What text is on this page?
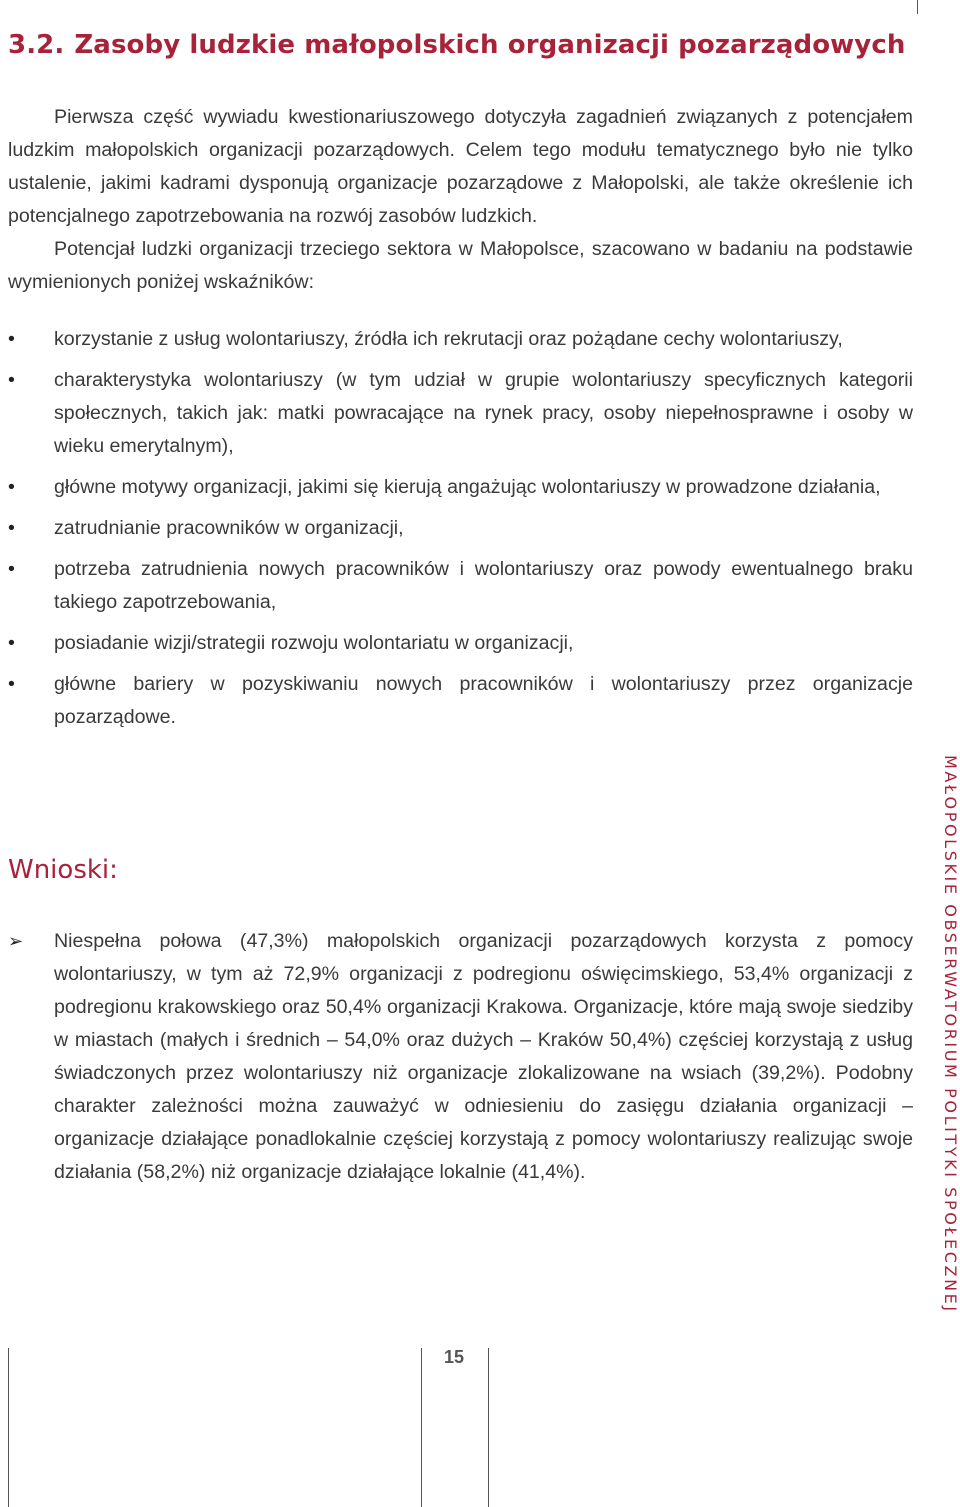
3.2. Zasoby ludzkie małopolskich organizacji pozarządowych

Pierwsza część wywiadu kwestionariuszowego dotyczyła zagadnień związanych z potencjałem ludzkim małopolskich organizacji pozarządowych. Celem tego modułu tematycznego było nie tylko ustalenie, jakimi kadrami dysponują organizacje pozarządowe z Małopolski, ale także określenie ich potencjalnego zapotrzebowania na rozwój zasobów ludzkich.

Potencjał ludzki organizacji trzeciego sektora w Małopolsce, szacowano w badaniu na podstawie wymienionych poniżej wskaźników:

•	korzystanie z usług wolontariuszy, źródła ich rekrutacji oraz pożądane cechy wolontariuszy,
•	charakterystyka wolontariuszy (w tym udział w grupie wolontariuszy specyficznych kategorii społecznych, takich jak: matki powracające na rynek pracy, osoby niepełnosprawne i osoby w wieku emerytalnym),
•	główne motywy organizacji, jakimi się kierują angażując wolontariuszy w prowadzone działania,
•	zatrudnianie pracowników w organizacji,
•	potrzeba zatrudnienia nowych pracowników i wolontariuszy oraz powody ewentualnego braku takiego zapotrzebowania,
•	posiadanie wizji/strategii rozwoju wolontariatu w organizacji,
•	główne bariery w pozyskiwaniu nowych pracowników i wolontariuszy przez organizacje pozarządowe.
Wnioski:
➢ Niespełna połowa (47,3%) małopolskich organizacji pozarządowych korzysta z pomocy wolontariuszy, w tym aż 72,9% organizacji z podregionu oświęcimskiego, 53,4% organizacji z podregionu krakowskiego oraz 50,4% organizacji Krakowa. Organizacje, które mają swoje siedziby w miastach (małych i średnich – 54,0% oraz dużych – Kraków 50,4%) częściej korzystają z usług świadczonych przez wolontariuszy niż organizacje zlokalizowane na wsiach (39,2%). Podobny charakter zależności można zauważyć w odniesieniu do zasięgu działania organizacji – organizacje działające ponadlokalnie częściej korzystają z pomocy wolontariuszy realizując swoje działania (58,2%) niż organizacje działające lokalnie (41,4%).
15
MAŁOPOLSKIE OBSERWATORIUM POLITYKI SPOŁECZNEJ
